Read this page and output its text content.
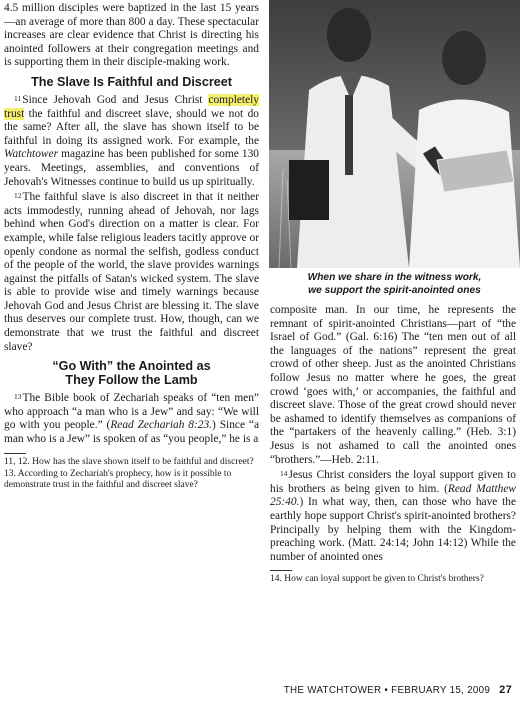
4.5 million disciples were baptized in the last 15 years—an average of more than 800 a day. These spectacular increases are clear evidence that Christ is directing his anointed followers at their congregation meetings and is supporting them in their disciple-making work.

The Slave Is Faithful and Discreet

11Since Jehovah God and Jesus Christ completely trust the faithful and discreet slave, should we not do the same? After all, the slave has shown itself to be faithful in doing its assigned work. For example, the Watchtower magazine has been published for some 130 years. Meetings, assemblies, and conventions of Jehovah's Witnesses continue to build us up spiritually.

12The faithful slave is also discreet in that it neither acts immodestly, running ahead of Jehovah, nor lags behind when God's direction on a matter is clear. For example, while false religious leaders tacitly approve or openly condone as normal the selfish, godless conduct of the people of the world, the slave provides warnings against the pitfalls of Satan's wicked system. The slave is able to provide wise and timely warnings because Jehovah God and Jesus Christ are blessing it. The slave thus deserves our complete trust. How, though, can we demonstrate that we trust the faithful and discreet slave?

“Go With” the Anointed as
They Follow the Lamb

13The Bible book of Zechariah speaks of “ten men” who approach “a man who is a Jew” and say: “We will go with you people.” (Read Zechariah 8:23.) Since “a man who is a Jew” is spoken of as “you people,” he is a

11, 12. How has the slave shown itself to be faithful and discreet?

13. According to Zechariah's prophecy, how is it possible to demonstrate trust in the faithful and discreet slave?

When we share in the witness work,
we support the spirit-anointed ones

composite man. In our time, he represents the remnant of spirit-anointed Christians—part of “the Israel of God.” (Gal. 6:16) The “ten men out of all the languages of the nations” represent the great crowd of other sheep. Just as the anointed Christians follow Jesus no matter where he goes, the great crowd ‘goes with,’ or accompanies, the faithful and discreet slave. Those of the great crowd should never be ashamed to identify themselves as companions of the “partakers of the heavenly calling.” (Heb. 3:1) Jesus is not ashamed to call the anointed ones “brothers.”—Heb. 2:11.

14Jesus Christ considers the loyal support given to his brothers as being given to him. (Read Matthew 25:40.) In what way, then, can those who have the earthly hope support Christ's spirit-anointed brothers? Principally by helping them with the Kingdom-preaching work. (Matt. 24:14; John 14:12) While the number of anointed ones

14. How can loyal support be given to Christ's brothers?

THE WATCHTOWER • FEBRUARY 15, 2009 27
